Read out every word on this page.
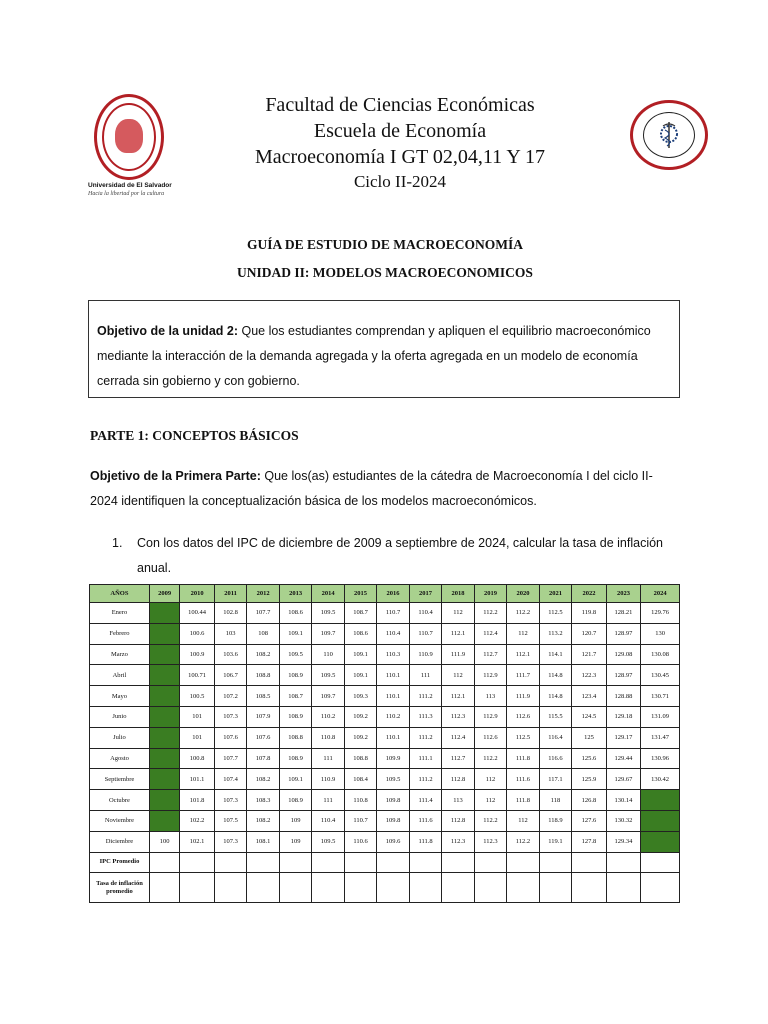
Universidad de El Salvador
Hacia la libertad por la cultura
Facultad de Ciencias Económicas
Escuela de Economía
Macroeconomía I GT 02,04,11 Y 17
Ciclo II-2024
GUÍA DE ESTUDIO DE MACROECONOMÍA
UNIDAD II: MODELOS MACROECONOMICOS
Objetivo de la unidad 2: Que los estudiantes comprendan y apliquen el equilibrio macroeconómico mediante la interacción de la demanda agregada y la oferta agregada en un modelo de economía cerrada sin gobierno y con gobierno.
PARTE 1: CONCEPTOS BÁSICOS
Objetivo de la Primera Parte: Que los(as) estudiantes de la cátedra de Macroeconomía I del ciclo II-2024 identifiquen la conceptualización básica de los modelos macroeconómicos.
1. Con los datos del IPC de diciembre de 2009 a septiembre de 2024, calcular la tasa de inflación anual.
AÑOS	2009	2010	2011	2012	2013	2014	2015	2016	2017	2018	2019	2020	2021	2022	2023	2024
Enero		100.44	102.8	107.7	108.6	109.5	108.7	110.7	110.4	112	112.2	112.2	112.5	119.8	128.21	129.76
Febrero		100.6	103	108	109.1	109.7	108.6	110.4	110.7	112.1	112.4	112	113.2	120.7	128.97	130
Marzo		100.9	103.6	108.2	109.5	110	109.1	110.3	110.9	111.9	112.7	112.1	114.1	121.7	129.08	130.08
Abril		100.71	106.7	108.8	108.9	109.5	109.1	110.1	111	112	112.9	111.7	114.8	122.3	128.97	130.45
Mayo		100.5	107.2	108.5	108.7	109.7	109.3	110.1	111.2	112.1	113	111.9	114.8	123.4	128.88	130.71
Junio		101	107.3	107.9	108.9	110.2	109.2	110.2	111.3	112.3	112.9	112.6	115.5	124.5	129.18	131.09
Julio		101	107.6	107.6	108.8	110.8	109.2	110.1	111.2	112.4	112.6	112.5	116.4	125	129.17	131.47
Agosto		100.8	107.7	107.8	108.9	111	108.8	109.9	111.1	112.7	112.2	111.8	116.6	125.6	129.44	130.96
Septiembre		101.1	107.4	108.2	109.1	110.9	108.4	109.5	111.2	112.8	112	111.6	117.1	125.9	129.67	130.42
Octubre		101.8	107.3	108.3	108.9	111	110.8	109.8	111.4	113	112	111.8	118	126.8	130.14	
Noviembre		102.2	107.5	108.2	109	110.4	110.7	109.8	111.6	112.8	112.2	112	118.9	127.6	130.32	
Diciembre	100	102.1	107.3	108.1	109	109.5	110.6	109.6	111.8	112.3	112.3	112.2	119.1	127.8	129.34	
IPC Promedio																
Tasa de inflación promedio																
